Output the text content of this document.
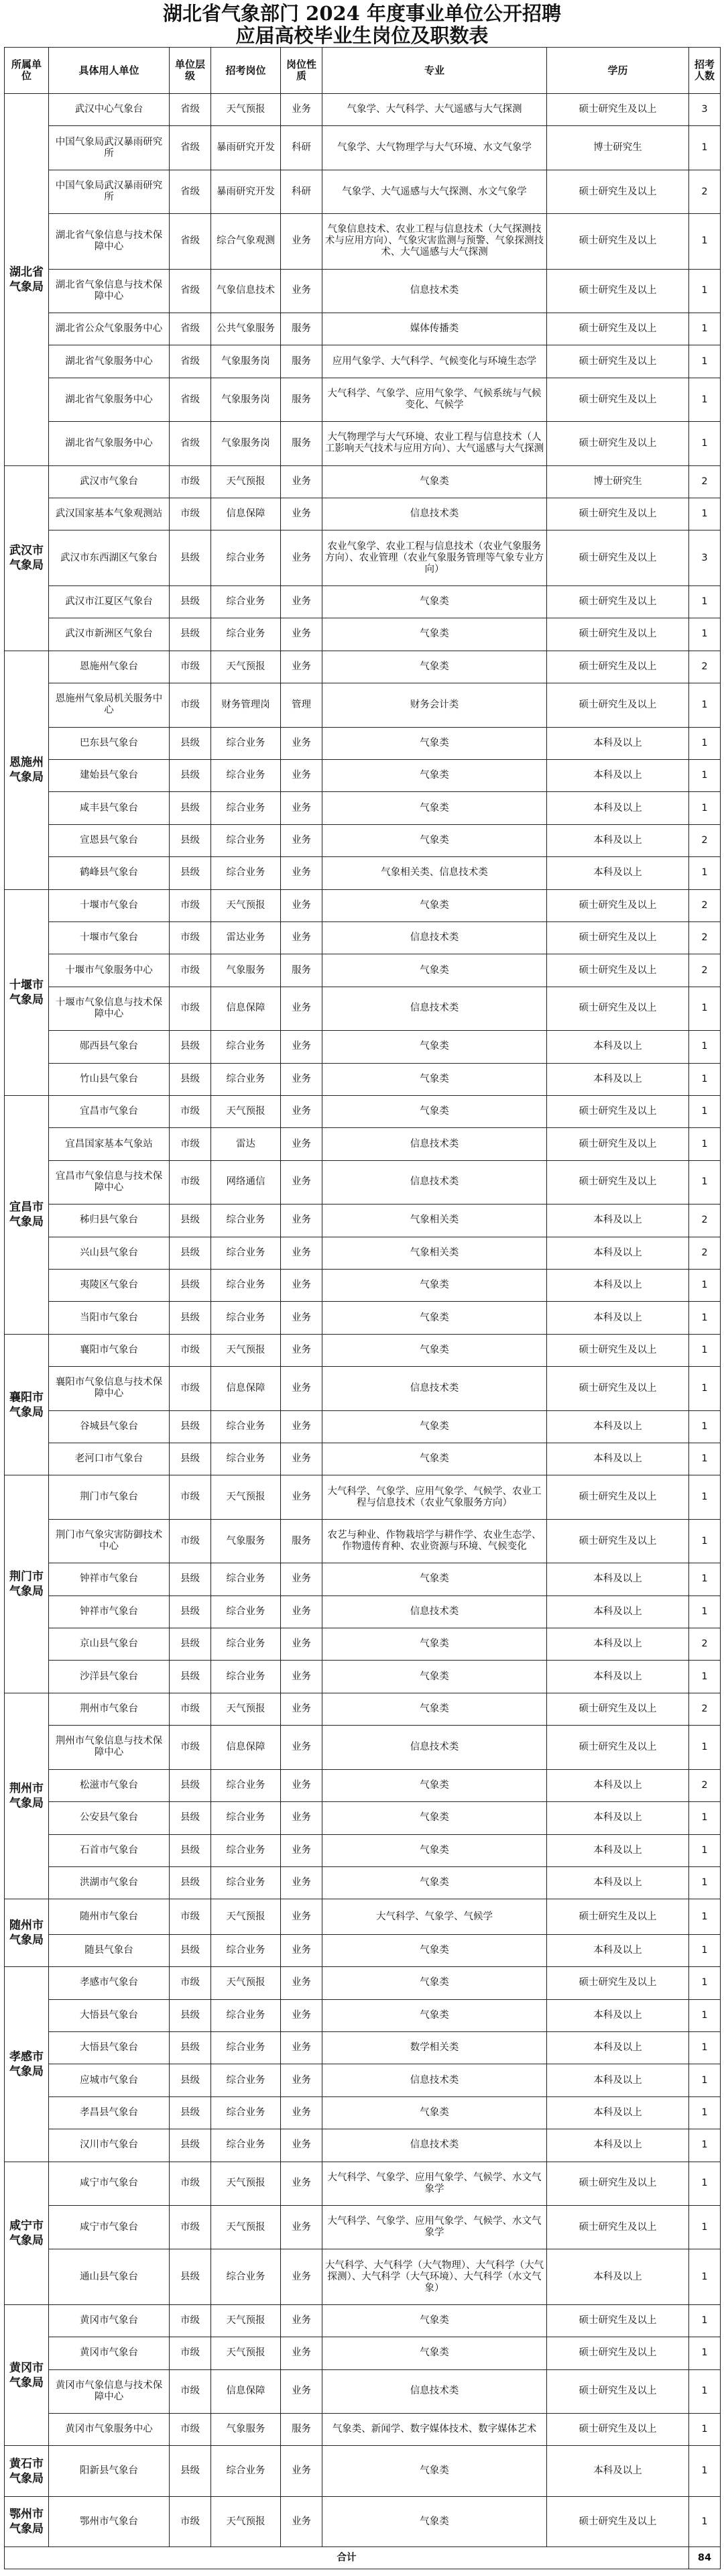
湖北省气象部门 2024 年度事业单位公开招聘
应届高校毕业生岗位及职数表
所属单位	具体用人单位	单位层级	招考岗位	岗位性质	专业	学历	招考人数
湖北省气象局	武汉中心气象台	省级	天气预报	业务	气象学、大气科学、大气遥感与大气探测	硕士研究生及以上	3
	中国气象局武汉暴雨研究所	省级	暴雨研究开发	科研	气象学、大气物理学与大气环境、水文气象学	博士研究生	1
	中国气象局武汉暴雨研究所	省级	暴雨研究开发	科研	气象学、大气遥感与大气探测、水文气象学	硕士研究生及以上	2
	湖北省气象信息与技术保障中心	省级	综合气象观测	业务	气象信息技术、农业工程与信息技术（大气探测技术与应用方向）、气象灾害监测与预警、气象探测技术、大气遥感与大气探测	硕士研究生及以上	1
	湖北省气象信息与技术保障中心	省级	气象信息技术	业务	信息技术类	硕士研究生及以上	1
	湖北省公众气象服务中心	省级	公共气象服务	服务	媒体传播类	硕士研究生及以上	1
	湖北省气象服务中心	省级	气象服务岗	服务	应用气象学、大气科学、气候变化与环境生态学	硕士研究生及以上	1
	湖北省气象服务中心	省级	气象服务岗	服务	大气科学、气象学、应用气象学、气候系统与气候变化、气候学	硕士研究生及以上	1
	湖北省气象服务中心	省级	气象服务岗	服务	大气物理学与大气环境、农业工程与信息技术（人工影响天气技术与应用方向）、大气遥感与大气探测	硕士研究生及以上	1
武汉市气象局	武汉市气象台	市级	天气预报	业务	气象类	博士研究生	2
	武汉国家基本气象观测站	市级	信息保障	业务	信息技术类	硕士研究生及以上	1
	武汉市东西湖区气象台	县级	综合业务	业务	农业气象学、农业工程与信息技术（农业气象服务方向）、农业管理（农业气象服务管理等气象专业方向）	硕士研究生及以上	3
	武汉市江夏区气象台	县级	综合业务	业务	气象类	硕士研究生及以上	1
	武汉市新洲区气象台	县级	综合业务	业务	气象类	硕士研究生及以上	1
恩施州气象局	恩施州气象台	市级	天气预报	业务	气象类	硕士研究生及以上	2
	恩施州气象局机关服务中心	市级	财务管理岗	管理	财务会计类	硕士研究生及以上	1
	巴东县气象台	县级	综合业务	业务	气象类	本科及以上	1
	建始县气象台	县级	综合业务	业务	气象类	本科及以上	1
	咸丰县气象台	县级	综合业务	业务	气象类	本科及以上	1
	宣恩县气象台	县级	综合业务	业务	气象类	本科及以上	2
	鹤峰县气象台	县级	综合业务	业务	气象相关类、信息技术类	本科及以上	1
十堰市气象局	十堰市气象台	市级	天气预报	业务	气象类	硕士研究生及以上	2
	十堰市气象台	市级	雷达业务	业务	信息技术类	硕士研究生及以上	2
	十堰市气象服务中心	市级	气象服务	服务	气象类	硕士研究生及以上	2
	十堰市气象信息与技术保障中心	市级	信息保障	业务	信息技术类	硕士研究生及以上	1
	郧西县气象台	县级	综合业务	业务	气象类	本科及以上	1
	竹山县气象台	县级	综合业务	业务	气象类	本科及以上	1
宜昌市气象局	宜昌市气象台	市级	天气预报	业务	气象类	硕士研究生及以上	1
	宜昌国家基本气象站	市级	雷达	业务	信息技术类	硕士研究生及以上	1
	宜昌市气象信息与技术保障中心	市级	网络通信	业务	信息技术类	硕士研究生及以上	1
	秭归县气象台	县级	综合业务	业务	气象相关类	本科及以上	2
	兴山县气象台	县级	综合业务	业务	气象相关类	本科及以上	2
	夷陵区气象台	县级	综合业务	业务	气象类	本科及以上	1
	当阳市气象台	县级	综合业务	业务	气象类	本科及以上	1
襄阳市气象局	襄阳市气象台	市级	天气预报	业务	气象类	硕士研究生及以上	1
	襄阳市气象信息与技术保障中心	市级	信息保障	业务	信息技术类	硕士研究生及以上	1
	谷城县气象台	县级	综合业务	业务	气象类	本科及以上	1
	老河口市气象台	县级	综合业务	业务	气象类	本科及以上	1
荆门市气象局	荆门市气象台	市级	天气预报	业务	大气科学、气象学、应用气象学、气候学、农业工程与信息技术（农业气象服务方向）	硕士研究生及以上	1
	荆门市气象灾害防御技术中心	市级	气象服务	服务	农艺与种业、作物栽培学与耕作学、农业生态学、作物遗传育种、农业资源与环境、气候变化	硕士研究生及以上	1
	钟祥市气象台	县级	综合业务	业务	气象类	本科及以上	1
	钟祥市气象台	县级	综合业务	业务	信息技术类	本科及以上	1
	京山县气象台	县级	综合业务	业务	气象类	本科及以上	2
	沙洋县气象台	县级	综合业务	业务	气象类	本科及以上	1
荆州市气象局	荆州市气象台	市级	天气预报	业务	气象类	硕士研究生及以上	2
	荆州市气象信息与技术保障中心	市级	信息保障	业务	信息技术类	硕士研究生及以上	1
	松滋市气象台	县级	综合业务	业务	气象类	本科及以上	2
	公安县气象台	县级	综合业务	业务	气象类	本科及以上	1
	石首市气象台	县级	综合业务	业务	气象类	本科及以上	1
	洪湖市气象台	县级	综合业务	业务	气象类	本科及以上	1
随州市气象局	随州市气象台	市级	天气预报	业务	大气科学、气象学、气候学	硕士研究生及以上	1
	随县气象台	县级	综合业务	业务	气象类	本科及以上	1
孝感市气象局	孝感市气象台	市级	天气预报	业务	气象类	硕士研究生及以上	1
	大悟县气象台	县级	综合业务	业务	气象类	本科及以上	1
	大悟县气象台	县级	综合业务	业务	数学相关类	本科及以上	1
	应城市气象台	县级	综合业务	业务	信息技术类	本科及以上	1
	孝昌县气象台	县级	综合业务	业务	气象类	本科及以上	1
	汉川市气象台	县级	综合业务	业务	信息技术类	本科及以上	1
咸宁市气象局	咸宁市气象台	市级	天气预报	业务	大气科学、气象学、应用气象学、气候学、水文气象学	硕士研究生及以上	1
	咸宁市气象台	市级	天气预报	业务	大气科学、气象学、应用气象学、气候学、水文气象学	硕士研究生及以上	1
	通山县气象台	县级	综合业务	业务	大气科学、大气科学（大气物理）、大气科学（大气探测）、大气科学（大气环境）、大气科学（水文气象）	本科及以上	1
黄冈市气象局	黄冈市气象台	市级	天气预报	业务	气象类	硕士研究生及以上	1
	黄冈市气象台	市级	天气预报	业务	气象类	硕士研究生及以上	1
	黄冈市气象信息与技术保障中心	市级	信息保障	业务	信息技术类	硕士研究生及以上	1
	黄冈市气象服务中心	市级	气象服务	服务	气象类、新闻学、数字媒体技术、数字媒体艺术	硕士研究生及以上	1
黄石市气象局	阳新县气象台	县级	综合业务	业务	气象类	本科及以上	1
鄂州市气象局	鄂州市气象台	市级	天气预报	业务	气象类	硕士研究生及以上	1
合计							84
